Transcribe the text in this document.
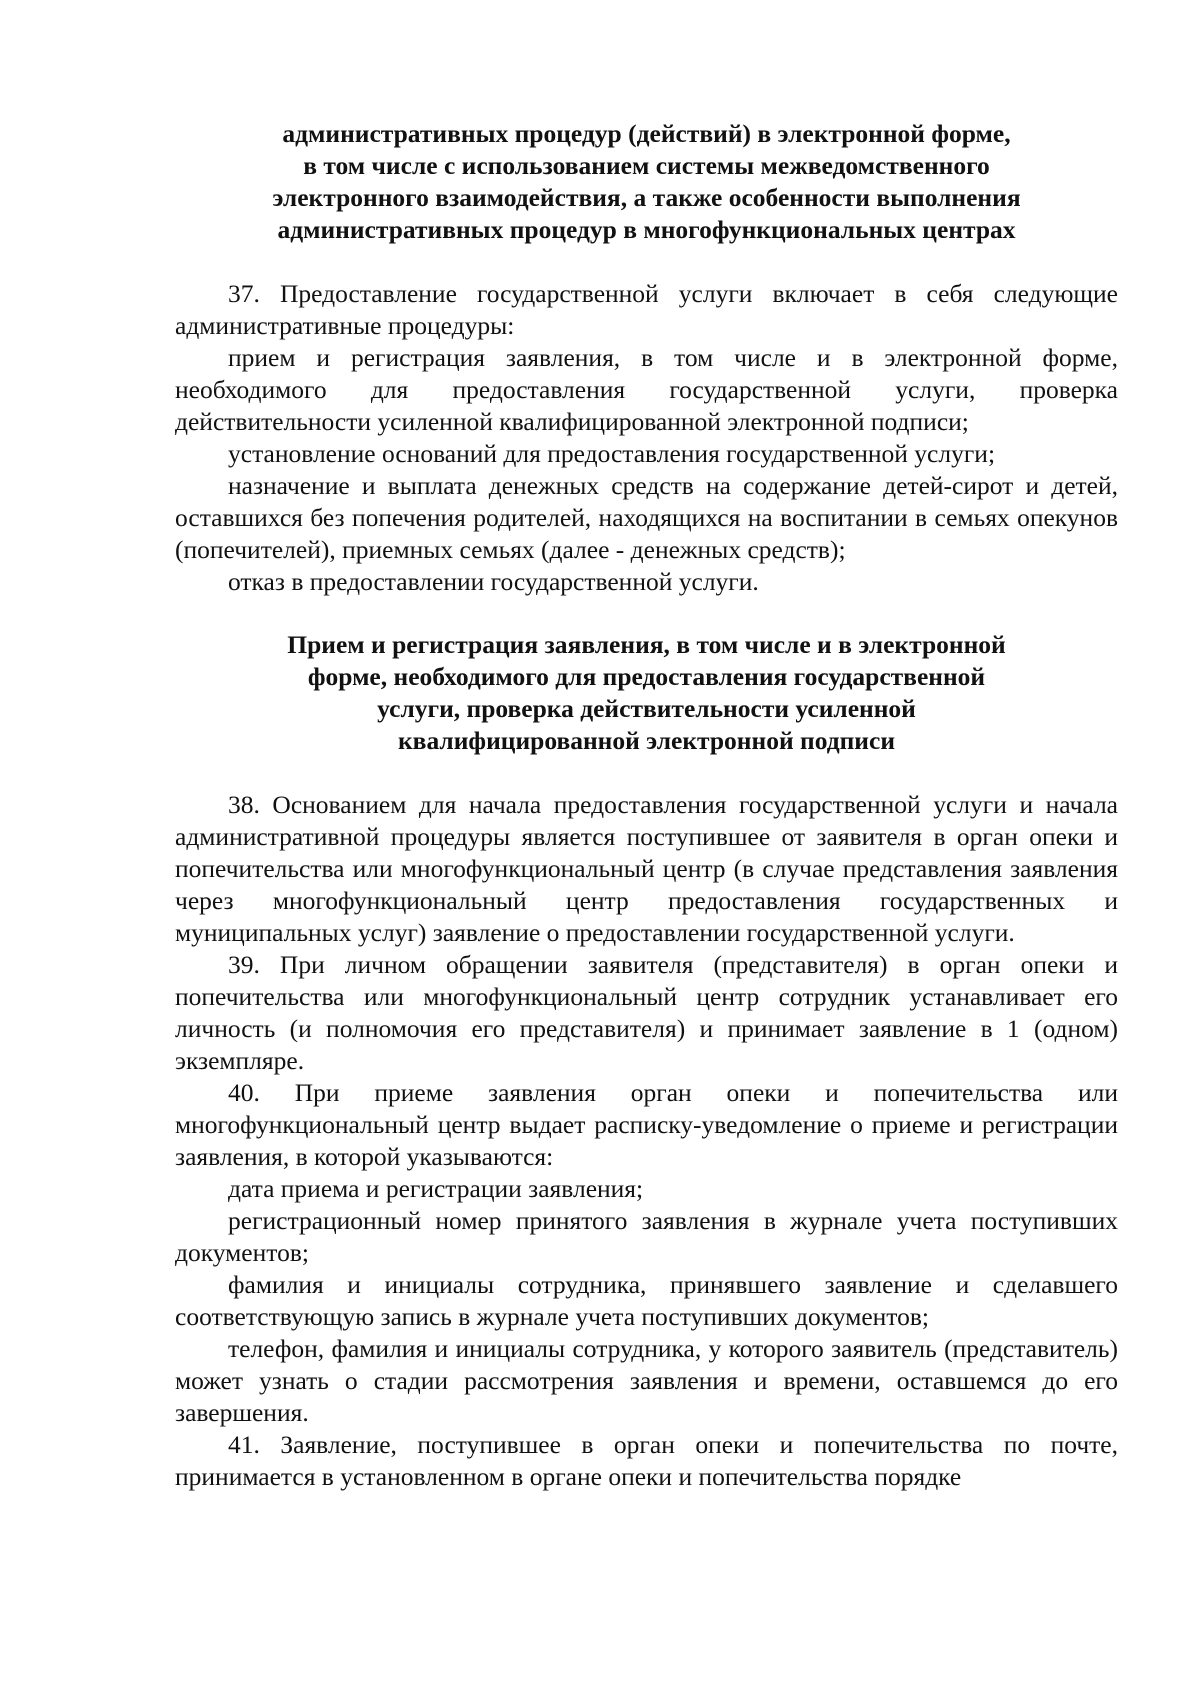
административных процедур (действий) в электронной форме,
в том числе с использованием системы межведомственного
электронного взаимодействия, а также особенности выполнения
административных процедур в многофункциональных центрах

37. Предоставление государственной услуги включает в себя следующие административные процедуры:

прием и регистрация заявления, в том числе и в электронной форме, необходимого для предоставления государственной услуги, проверка действительности усиленной квалифицированной электронной подписи;

установление оснований для предоставления государственной услуги;

назначение и выплата денежных средств на содержание детей-сирот и детей, оставшихся без попечения родителей, находящихся на воспитании в семьях опекунов (попечителей), приемных семьях (далее - денежных средств);

отказ в предоставлении государственной услуги.

Прием и регистрация заявления, в том числе и в электронной
форме, необходимого для предоставления государственной
услуги, проверка действительности усиленной
квалифицированной электронной подписи

38. Основанием для начала предоставления государственной услуги и начала административной процедуры является поступившее от заявителя в орган опеки и попечительства или многофункциональный центр (в случае представления заявления через многофункциональный центр предоставления государственных и муниципальных услуг) заявление о предоставлении государственной услуги.

39. При личном обращении заявителя (представителя) в орган опеки и попечительства или многофункциональный центр сотрудник устанавливает его личность (и полномочия его представителя) и принимает заявление в 1 (одном) экземпляре.

40. При приеме заявления орган опеки и попечительства или многофункциональный центр выдает расписку-уведомление о приеме и регистрации заявления, в которой указываются:

дата приема и регистрации заявления;

регистрационный номер принятого заявления в журнале учета поступивших документов;

фамилия и инициалы сотрудника, принявшего заявление и сделавшего соответствующую запись в журнале учета поступивших документов;

телефон, фамилия и инициалы сотрудника, у которого заявитель (представитель) может узнать о стадии рассмотрения заявления и времени, оставшемся до его завершения.

41. Заявление, поступившее в орган опеки и попечительства по почте, принимается в установленном в органе опеки и попечительства порядке
